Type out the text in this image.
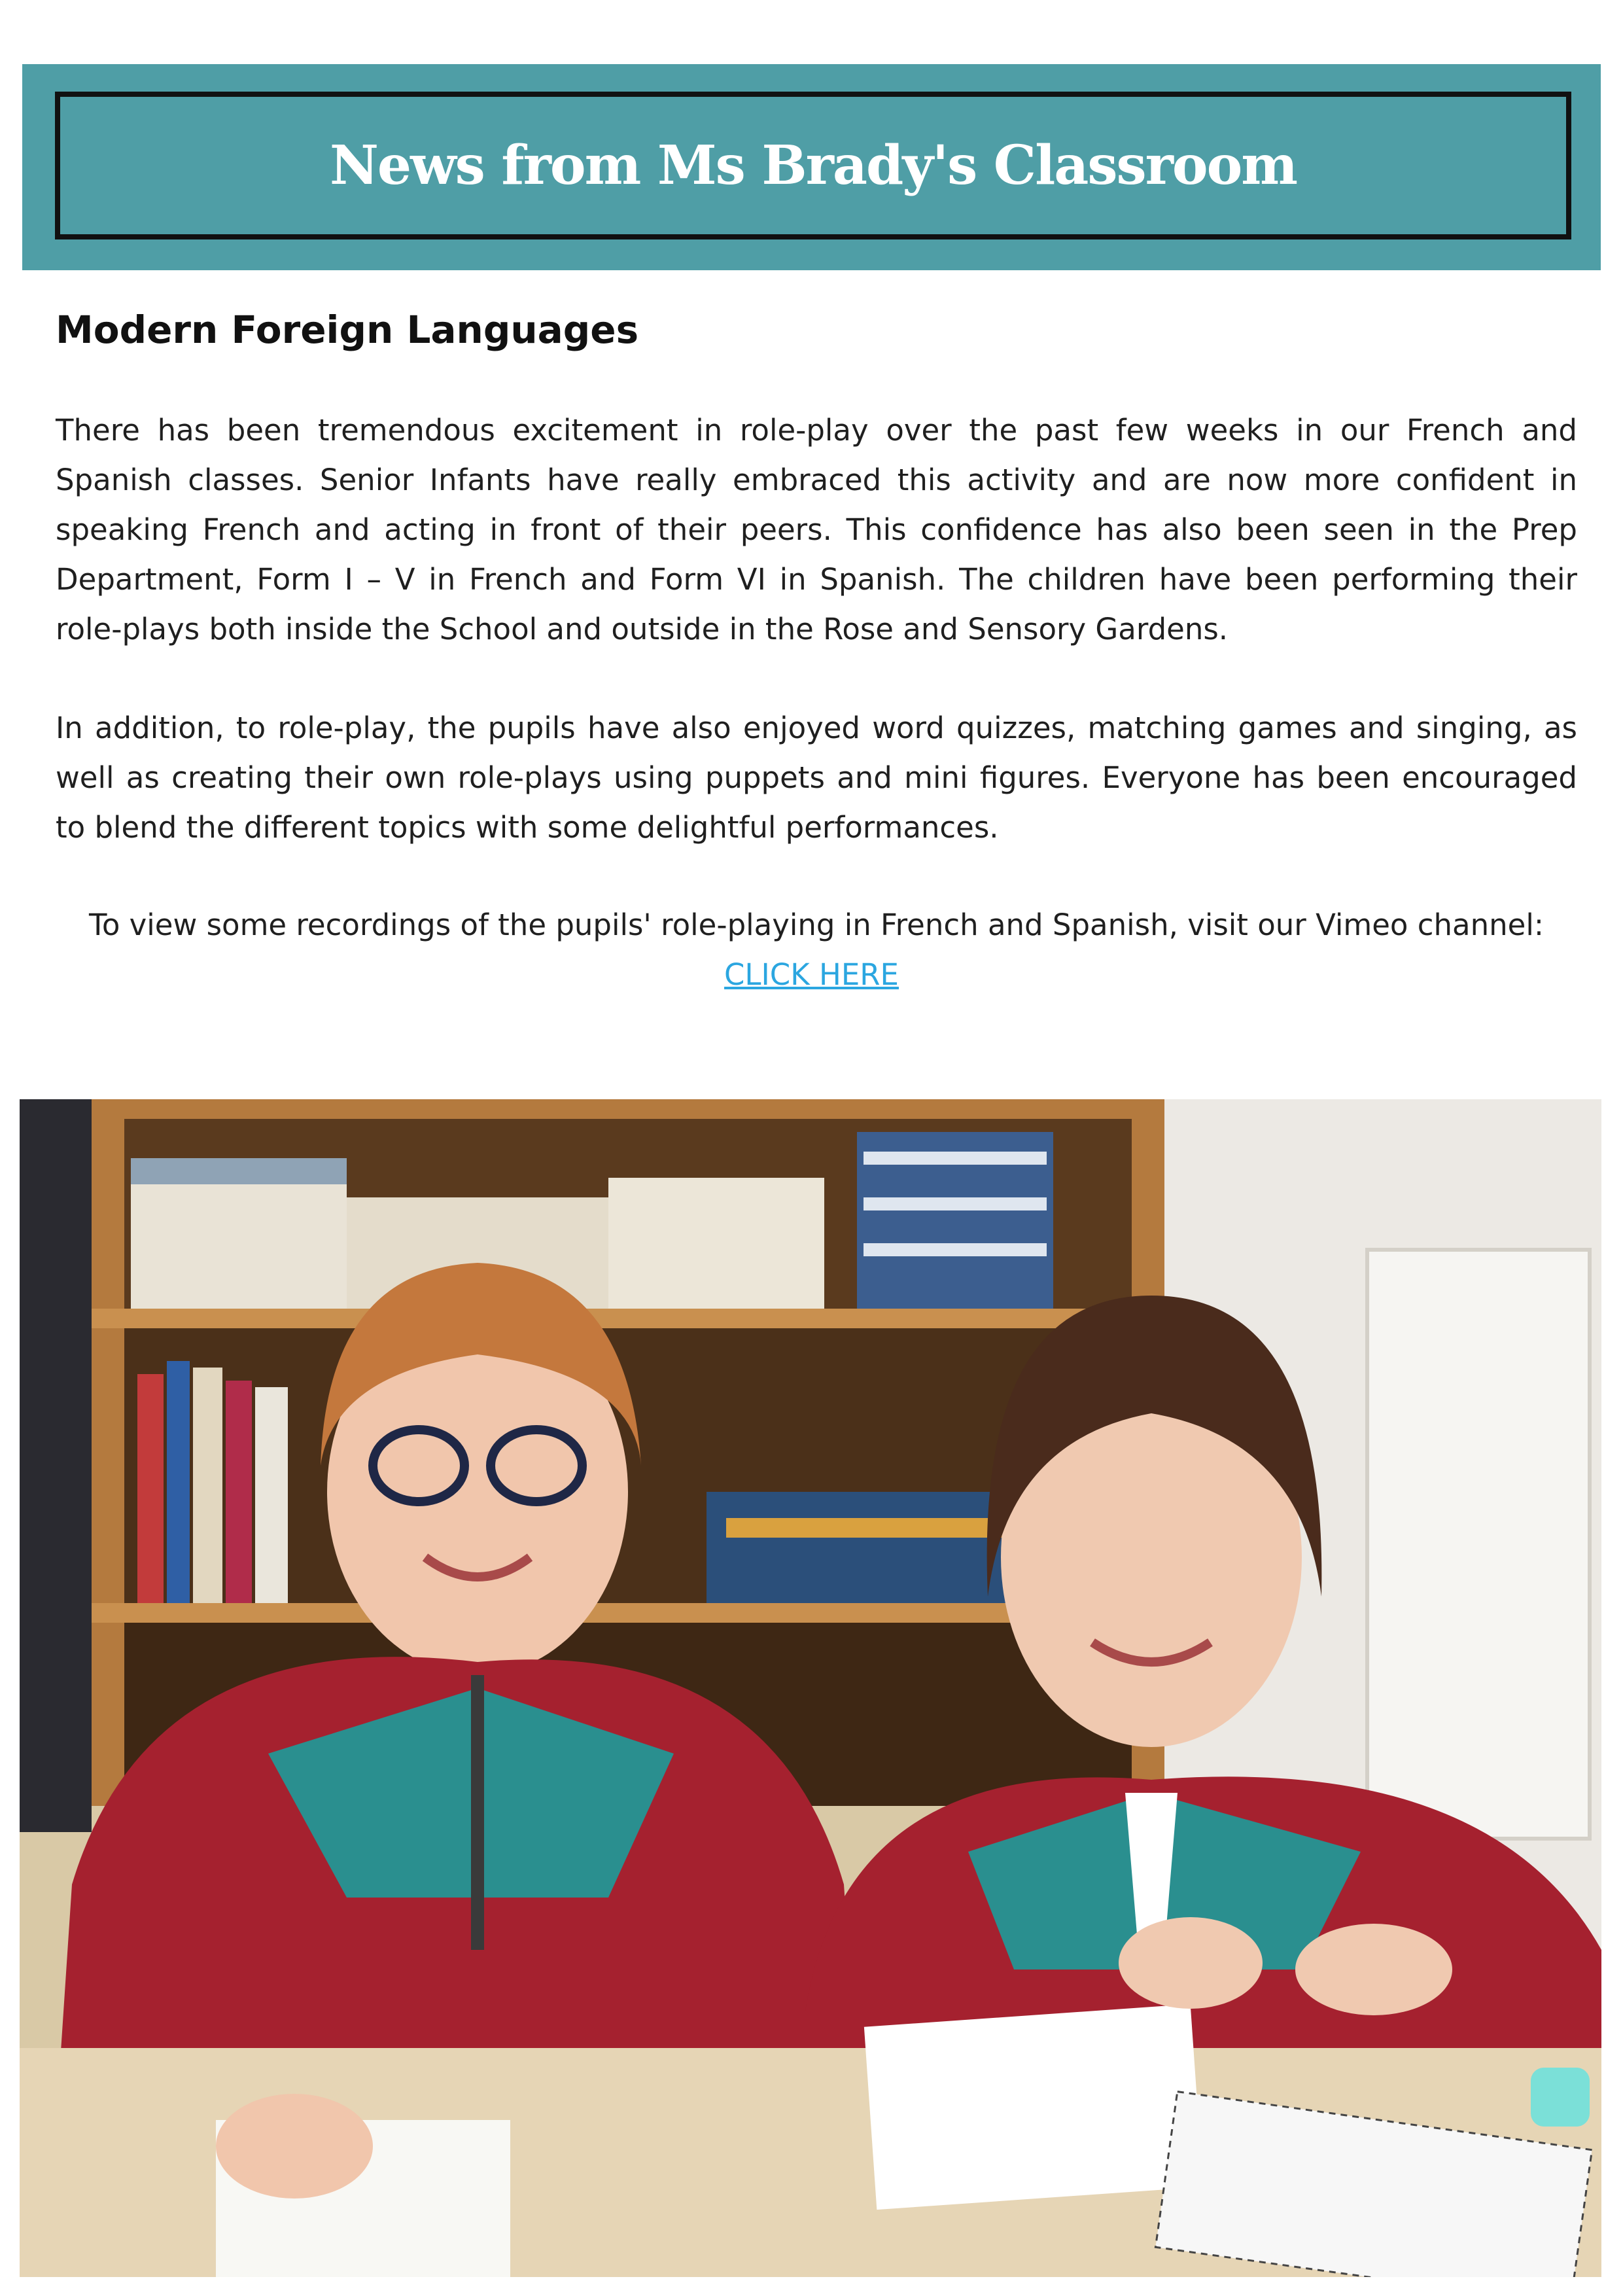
News from Ms Brady's Classroom
Modern Foreign Languages

There has been tremendous excitement in role-play over the past few weeks in our French and Spanish classes. Senior Infants have really embraced this activity and are now more confident in speaking French and acting in front of their peers. This confidence has also been seen in the Prep Department, Form I – V in French and Form VI in Spanish. The children have been performing their role-plays both inside the School and outside in the Rose and Sensory Gardens.

In addition, to role-play, the pupils have also enjoyed word quizzes, matching games and singing, as well as creating their own role-plays using puppets and mini figures. Everyone has been encouraged to blend the different topics with some delightful performances.

To view some recordings of the pupils' role-playing in French and Spanish, visit our Vimeo channel:

CLICK HERE
